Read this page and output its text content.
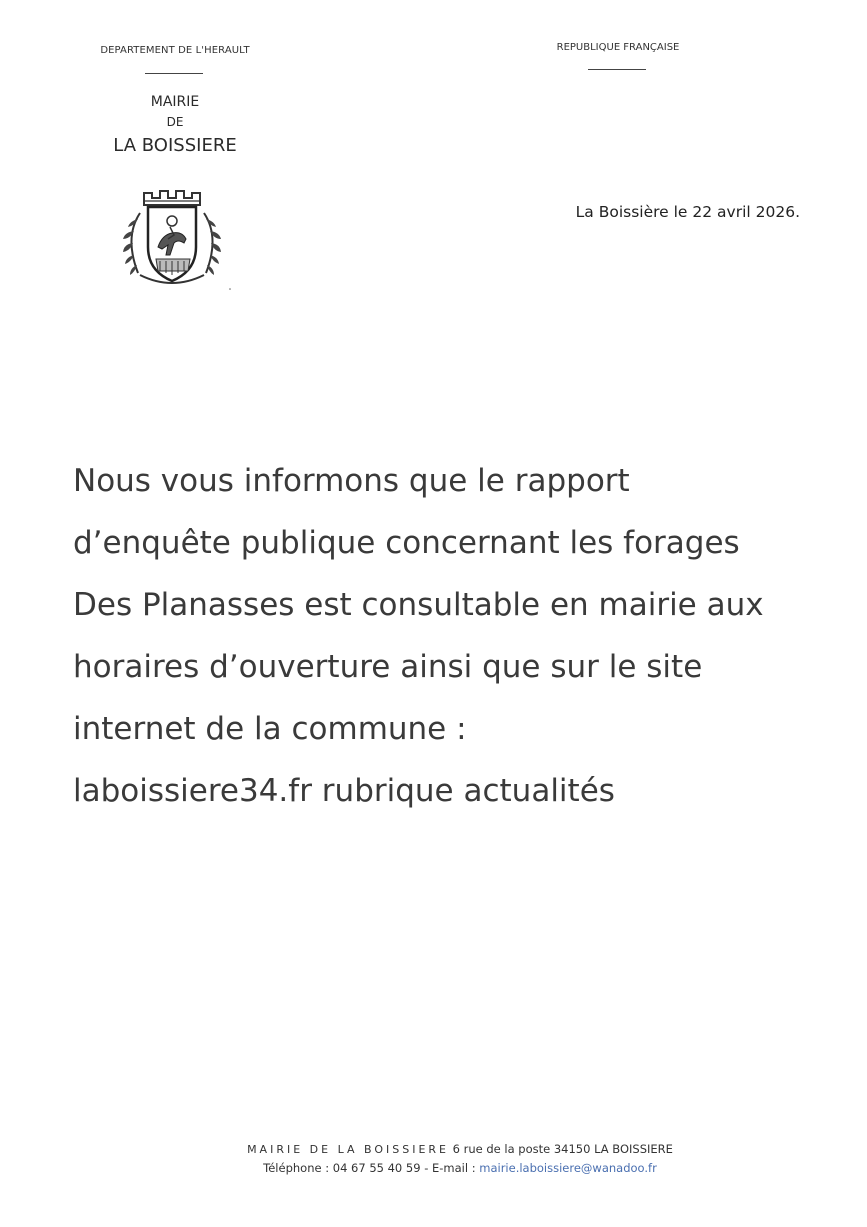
DEPARTEMENT DE L'HERAULT	REPUBLIQUE FRANÇAISE
MAIRIE
DE
LA BOISSIERE
La Boissière le 22 avril 2026.
Nous vous informons que le rapport
d’enquête publique concernant les forages
Des Planasses est consultable en mairie aux
horaires d’ouverture ainsi que sur le site
internet de la commune :
laboissiere34.fr rubrique actualités
MAIRIE DE LA BOISSIERE 6 rue de la poste 34150 LA BOISSIERE
Téléphone : 04 67 55 40 59 - E-mail : mairie.laboissiere@wanadoo.fr
